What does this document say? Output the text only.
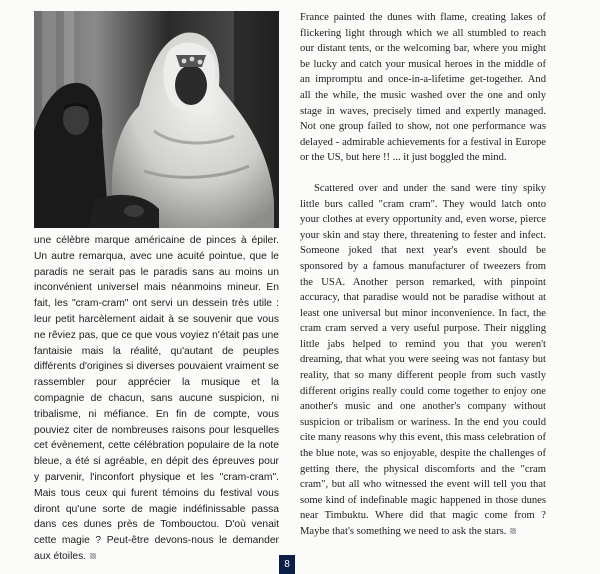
une célèbre marque américaine de pinces à épiler. Un autre remarqua, avec une acuité pointue, que le paradis ne serait pas le paradis sans au moins un inconvénient universel mais néanmoins mineur. En fait, les "cram-cram" ont servi un dessein très utile : leur petit harcèlement aidait à se souvenir que vous ne rêviez pas, que ce que vous voyiez n'était pas une fantaisie mais la réalité, qu'autant de peuples différents d'origines si diverses pouvaient vraiment se rassembler pour apprécier la musique et la compagnie de chacun, sans aucune suspicion, ni tribalisme, ni méfiance. En fin de compte, vous pouviez citer de nombreuses raisons pour lesquelles cet évènement, cette célébration populaire de la note bleue, a été si agréable, en dépit des épreuves pour y parvenir, l'inconfort physique et les "cram-cram". Mais tous ceux qui furent témoins du festival vous diront qu'une sorte de magie indéfinissable passa dans ces dunes près de Tombouctou. D'où venait cette magie ? Peut-être devons-nous le demander aux étoiles.

France painted the dunes with flame, creating lakes of flickering light through which we all stumbled to reach our distant tents, or the welcoming bar, where you might be lucky and catch your musical heroes in the middle of an impromptu and once-in-a-lifetime get-together. And all the while, the music washed over the one and only stage in waves, precisely timed and expertly managed. Not one group failed to show, not one performance was delayed - admirable achievements for a festival in Europe or the US, but here !! ... it just boggled the mind.

Scattered over and under the sand were tiny spiky little burs called "cram cram". They would latch onto your clothes at every opportunity and, even worse, pierce your skin and stay there, threatening to fester and infect. Someone joked that next year's event should be sponsored by a famous manufacturer of tweezers from the USA. Another person remarked, with pinpoint accuracy, that paradise would not be paradise without at least one universal but minor inconvenience. In fact, the cram cram served a very useful purpose. Their niggling little jabs helped to remind you that you weren't dreaming, that what you were seeing was not fantasy but reality, that so many different people from such vastly different origins really could come together to enjoy one another's music and one another's company without suspicion or tribalism or wariness. In the end you could cite many reasons why this event, this mass celebration of the blue note, was so enjoyable, despite the challenges of getting there, the physical discomforts and the "cram cram", but all who witnessed the event will tell you that some kind of indefinable magic happened in those dunes near Timbuktu. Where did that magic come from ? Maybe that's something we need to ask the stars.

8
